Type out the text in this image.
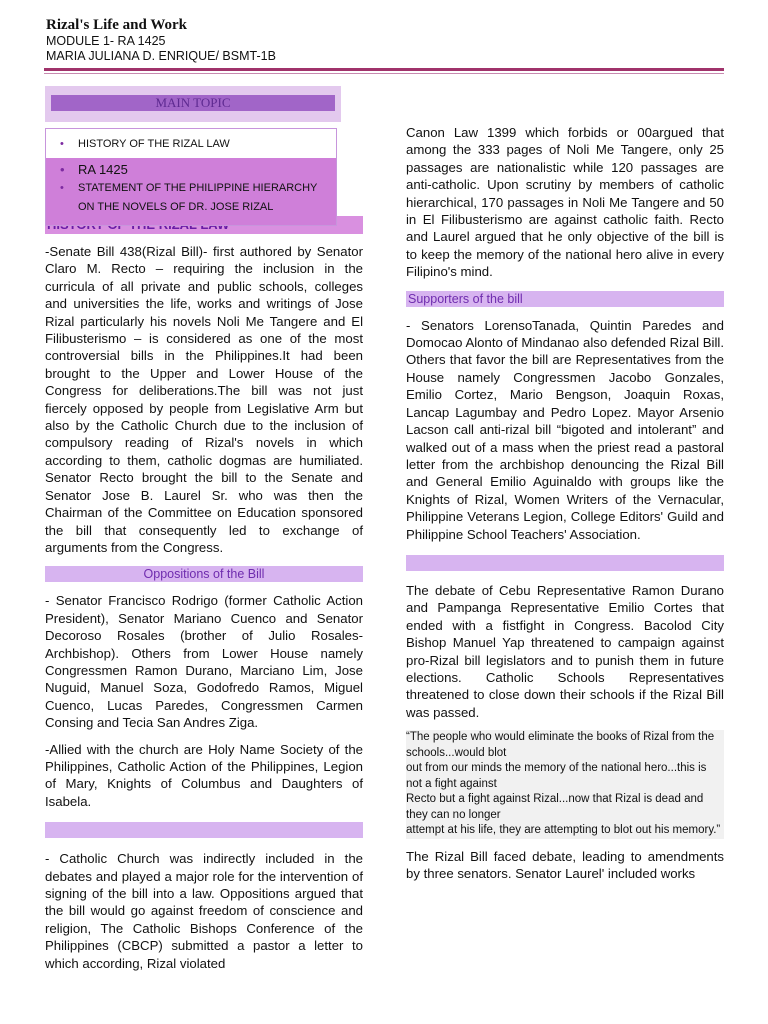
Rizal's Life and Work
MODULE 1- RA 1425
MARIA JULIANA D. ENRIQUE/ BSMT-1B
MAIN TOPIC
• HISTORY OF THE RIZAL LAW
• RA 1425
• STATEMENT OF THE PHILIPPINE HIERARCHY ON THE NOVELS OF DR. JOSE RIZAL

-Senate Bill 438(Rizal Bill)- first authored by Senator Claro M. Recto – requiring the inclusion in the curricula of all private and public schools, colleges and universities the life, works and writings of Jose Rizal particularly his novels Noli Me Tangere and El Filibusterismo – is considered as one of the most controversial bills in the Philippines.It had been brought to the Upper and Lower House of the Congress for deliberations.The bill was not just fiercely opposed by people from Legislative Arm but also by the Catholic Church due to the inclusion of compulsory reading of Rizal's novels in which according to them, catholic dogmas are humiliated. Senator Recto brought the bill to the Senate and Senator Jose B. Laurel Sr. who was then the Chairman of the Committee on Education sponsored the bill that consequently led to exchange of arguments from the Congress.

Oppositions of the Bill

- Senator Francisco Rodrigo (former Catholic Action President), Senator Mariano Cuenco and Senator Decoroso Rosales (brother of Julio Rosales-Archbishop). Others from Lower House namely Congressmen Ramon Durano, Marciano Lim, Jose Nuguid, Manuel Soza, Godofredo Ramos, Miguel Cuenco, Lucas Paredes, Congressmen Carmen Consing and Tecia San Andres Ziga.

-Allied with the church are Holy Name Society of the Philippines, Catholic Action of the Philippines, Legion of Mary, Knights of Columbus and Daughters of Isabela.

- Catholic Church was indirectly included in the debates and played a major role for the intervention of signing of the bill into a law. Oppositions argued that the bill would go against freedom of conscience and religion, The Catholic Bishops Conference of the Philippines (CBCP) submitted a pastor a letter to which according, Rizal violated

Canon Law 1399 which forbids or 00argued that among the 333 pages of Noli Me Tangere, only 25 passages are nationalistic while 120 passages are anti-catholic. Upon scrutiny by members of catholic hierarchical, 170 passages in Noli Me Tangere and 50 in El Filibusterismo are against catholic faith. Recto and Laurel argued that he only objective of the bill is to keep the memory of the national hero alive in every Filipino's mind.

Supporters of the bill

- Senators LorensoTanada, Quintin Paredes and Domocao Alonto of Mindanao also defended Rizal Bill. Others that favor the bill are Representatives from the House namely Congressmen Jacobo Gonzales, Emilio Cortez, Mario Bengson, Joaquin Roxas, Lancap Lagumbay and Pedro Lopez. Mayor Arsenio Lacson call anti-rizal bill “bigoted and intolerant” and walked out of a mass when the priest read a pastoral letter from the archbishop denouncing the Rizal Bill and General Emilio Aguinaldo with groups like the Knights of Rizal, Women Writers of the Vernacular, Philippine Veterans Legion, College Editors' Guild and Philippine School Teachers' Association.

The debate of Cebu Representative Ramon Durano and Pampanga Representative Emilio Cortes that ended with a fistfight in Congress. Bacolod City Bishop Manuel Yap threatened to campaign against pro-Rizal bill legislators and to punish them in future elections. Catholic Schools Representatives threatened to close down their schools if the Rizal Bill was passed.

“The people who would eliminate the books of Rizal from the schools...would blot

out from our minds the memory of the national hero...this is not a fight against

Recto but a fight against Rizal...now that Rizal is dead and they can no longer

attempt at his life, they are attempting to blot out his memory.”

The Rizal Bill faced debate, leading to amendments by three senators. Senator Laurel' included works
